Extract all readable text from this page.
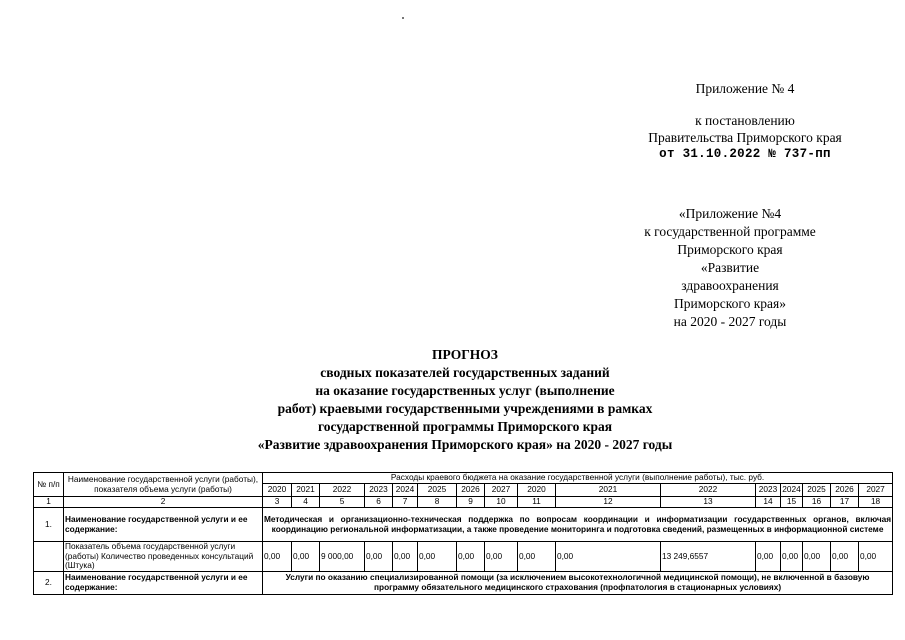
Приложение № 4
к постановлению
Правительства Приморского края
от 31.10.2022 № 737-пп
«Приложение №4
к государственной программе
Приморского края
«Развитие
здравоохранения
Приморского края»
на 2020 - 2027 годы
ПРОГНОЗ
сводных показателей государственных заданий
на оказание государственных услуг (выполнение
работ) краевыми государственными учреждениями в рамках
государственной программы Приморского края
«Развитие здравоохранения Приморского края» на 2020 - 2027 годы
№ п/п	Наименование государственной услуги (работы), показателя объема услуги (работы)	Расходы краевого бюджета на оказание государственной услуги (выполнение работы), тыс. руб.															
		2020	2021	2022	2023	2024	2025	2026	2027	2020	2021	2022	2023	2024	2025	2026	2027
1	2	3	4	5	6	7	8	9	10	11	12	13	14	15	16	17	18
1.	Наименование государственной услуги и ее содержание:	Методическая и организационно-техническая поддержка по вопросам координации и информатизации государственных органов, включая координацию региональной информатизации, а также проведение мониторинга и подготовка сведений, размещенных в информационной системе															
	Показатель объема государственной услуги (работы) Количество проведенных консультаций (Штука)	0,00	0,00	9 000,00	0,00	0,00	0,00	0,00	0,00	0,00	0,00	13 249,6557	0,00	0,00	0,00	0,00	0,00
2.	Наименование государственной услуги и ее содержание:	Услуги по оказанию специализированной помощи (за исключением высокотехнологичной медицинской помощи), не включенной в базовую программу обязательного медицинского страхования (профпатология в стационарных условиях)															
